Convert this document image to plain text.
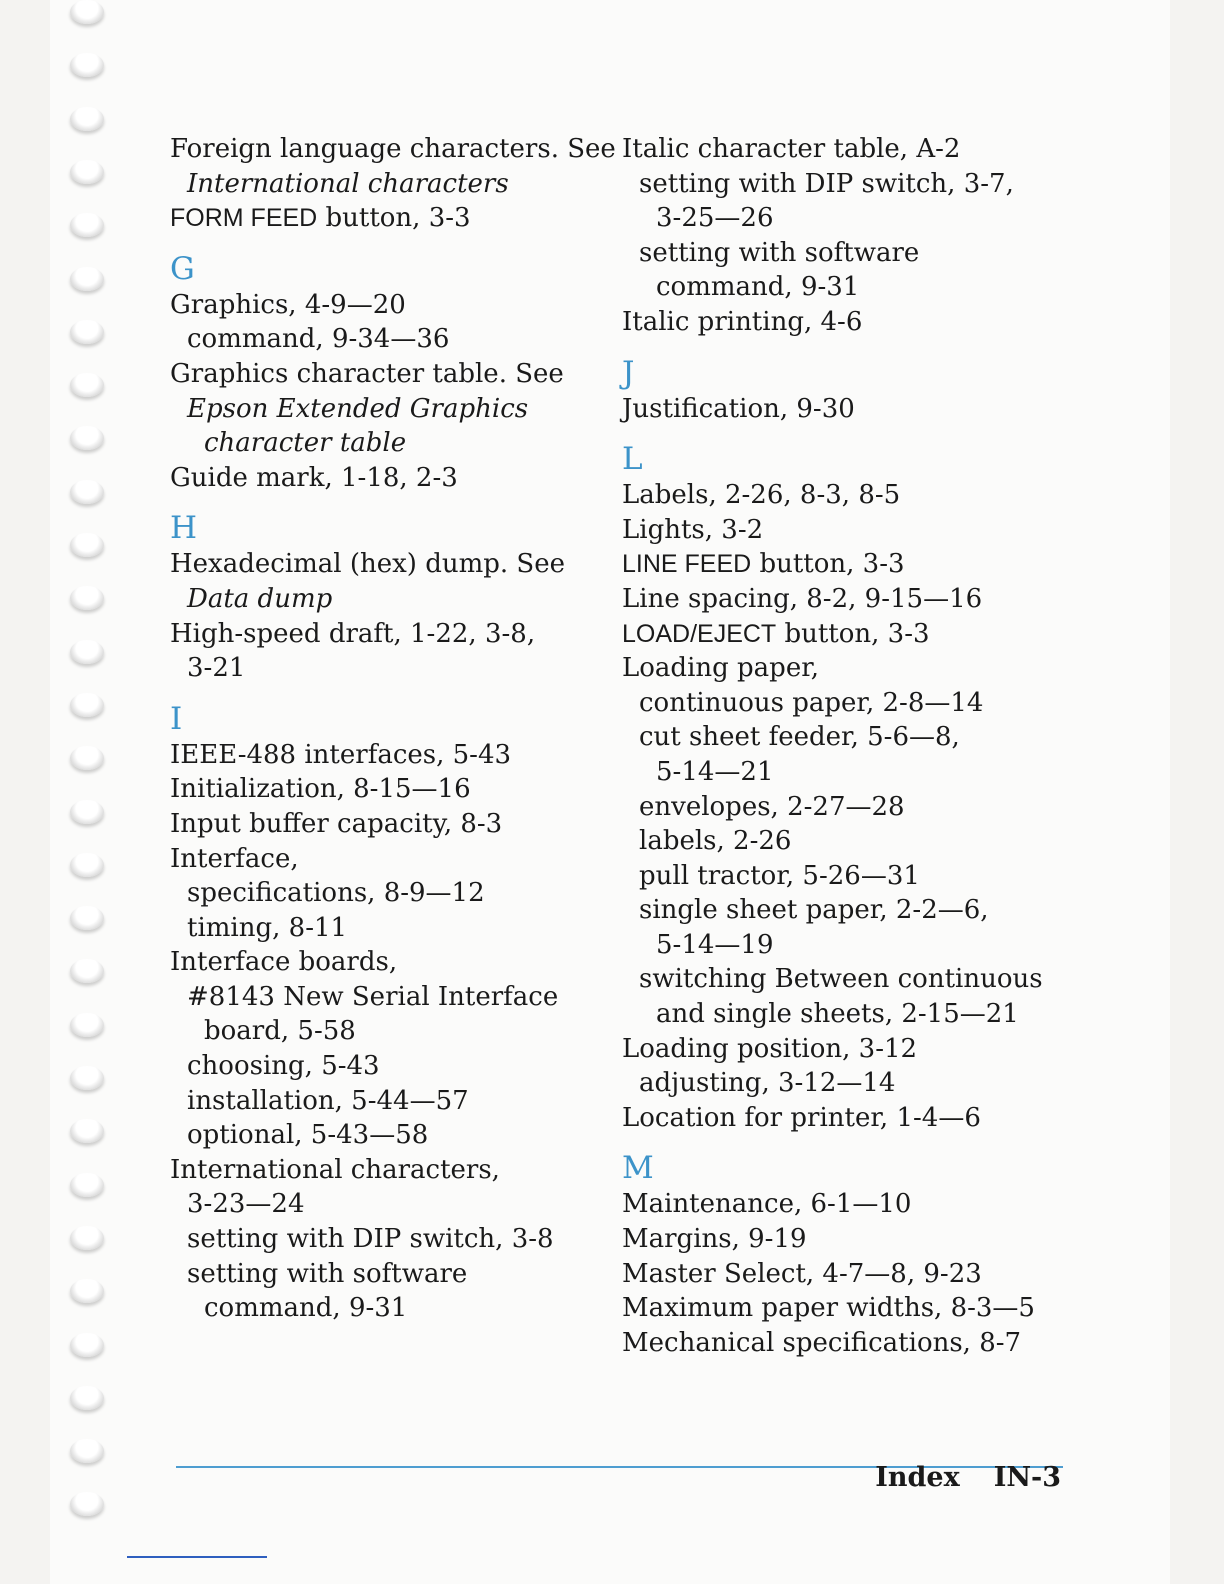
Foreign language characters. See
International characters
FORM FEED button, 3-3
G
Graphics, 4-9—20
command, 9-34—36
Graphics character table. See
Epson Extended Graphics
character table
Guide mark, 1-18, 2-3
H
Hexadecimal (hex) dump. See
Data dump
High-speed draft, 1-22, 3-8,
3-21
I
IEEE-488 interfaces, 5-43
Initialization, 8-15—16
Input buffer capacity, 8-3
Interface,
specifications, 8-9—12
timing, 8-11
Interface boards,
#8143 New Serial Interface
board, 5-58
choosing, 5-43
installation, 5-44—57
optional, 5-43—58
International characters,
3-23—24
setting with DIP switch, 3-8
setting with software
command, 9-31
Italic character table, A-2
setting with DIP switch, 3-7,
3-25—26
setting with software
command, 9-31
Italic printing, 4-6
J
Justification, 9-30
L
Labels, 2-26, 8-3, 8-5
Lights, 3-2
LINE FEED button, 3-3
Line spacing, 8-2, 9-15—16
LOAD/EJECT button, 3-3
Loading paper,
continuous paper, 2-8—14
cut sheet feeder, 5-6—8,
5-14—21
envelopes, 2-27—28
labels, 2-26
pull tractor, 5-26—31
single sheet paper, 2-2—6,
5-14—19
switching Between continuous
and single sheets, 2-15—21
Loading position, 3-12
adjusting, 3-12—14
Location for printer, 1-4—6
M
Maintenance, 6-1—10
Margins, 9-19
Master Select, 4-7—8, 9-23
Maximum paper widths, 8-3—5
Mechanical specifications, 8-7
Index IN-3
